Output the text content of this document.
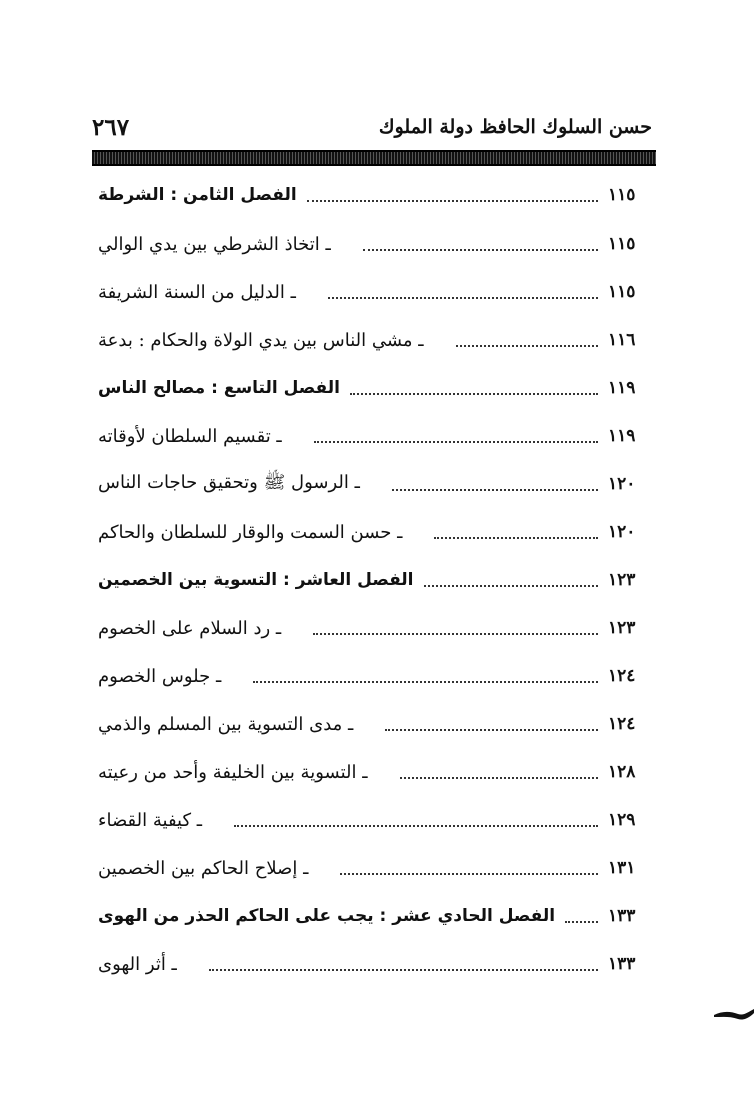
حسن السلوك الحافظ دولة الملوك
٢٦٧
الفصل الثامن : الشرطة	١١٥
ـ اتخاذ الشرطي بين يدي الوالي	١١٥
ـ الدليل من السنة الشريفة	١١٥
ـ مشي الناس بين يدي الولاة والحكام : بدعة	١١٦
الفصل التاسع : مصالح الناس	١١٩
ـ تقسيم السلطان لأوقاته	١١٩
ـ الرسول ﷺ وتحقيق حاجات الناس	١٢٠
ـ حسن السمت والوقار للسلطان والحاكم	١٢٠
الفصل العاشر : التسوية بين الخصمين	١٢٣
ـ رد السلام على الخصوم	١٢٣
ـ جلوس الخصوم	١٢٤
ـ مدى التسوية بين المسلم والذمي	١٢٤
ـ التسوية بين الخليفة وأحد من رعيته	١٢٨
ـ كيفية القضاء	١٢٩
ـ إصلاح الحاكم بين الخصمين	١٣١
الفصل الحادي عشر : يجب على الحاكم الحذر من الهوى	١٣٣
ـ أثر الهوى	١٣٣
